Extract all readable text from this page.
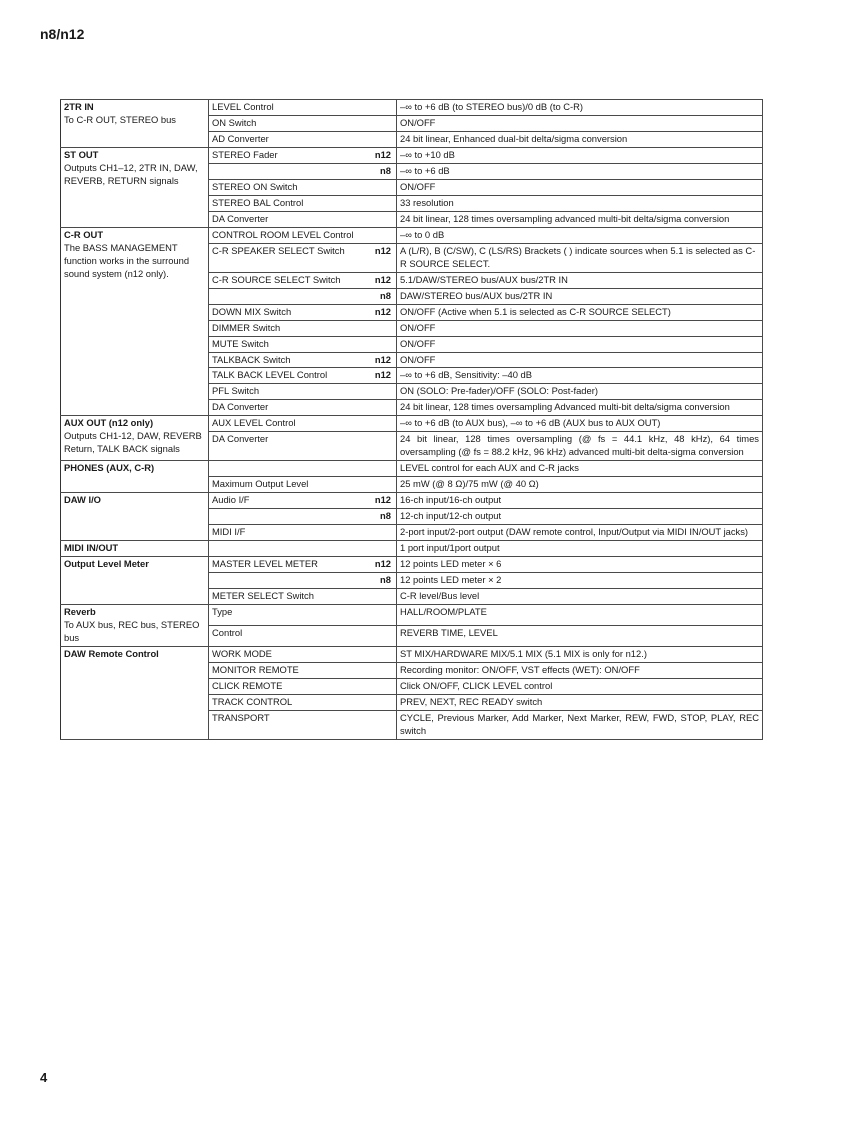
n8/n12
2TR IN
To C-R OUT, STEREO bus	LEVEL Control		–∞ to +6 dB (to STEREO bus)/0 dB (to C-R)
	ON Switch		ON/OFF
	AD Converter		24 bit linear, Enhanced dual-bit delta/sigma conversion

ST OUT
Outputs CH1–12, 2TR IN, DAW, REVERB, RETURN signals	STEREO Fader	n12	–∞ to +10 dB
		n8	–∞ to +6 dB
	STEREO ON Switch		ON/OFF
	STEREO BAL Control		33 resolution
	DA Converter		24 bit linear, 128 times oversampling advanced multi-bit delta/sigma conversion

C-R OUT
The BASS MANAGEMENT function works in the surround sound system (n12 only).	CONTROL ROOM LEVEL Control		–∞ to 0 dB
	C-R SPEAKER SELECT Switch	n12	A (L/R), B (C/SW), C (LS/RS) Brackets ( ) indicate sources when 5.1 is selected as C-R SOURCE SELECT.
	C-R SOURCE SELECT Switch	n12	5.1/DAW/STEREO bus/AUX bus/2TR IN
		n8	DAW/STEREO bus/AUX bus/2TR IN
	DOWN MIX Switch	n12	ON/OFF (Active when 5.1 is selected as C-R SOURCE SELECT)
	DIMMER Switch		ON/OFF
	MUTE Switch		ON/OFF
	TALKBACK Switch	n12	ON/OFF
	TALK BACK LEVEL Control	n12	–∞ to +6 dB, Sensitivity: –40 dB
	PFL Switch		ON (SOLO: Pre-fader)/OFF (SOLO: Post-fader)
	DA Converter		24 bit linear, 128 times oversampling Advanced multi-bit delta/sigma conversion

AUX OUT (n12 only)
Outputs CH1-12, DAW, REVERB Return, TALK BACK signals	AUX LEVEL Control		–∞ to +6 dB (to AUX bus), –∞ to +6 dB (AUX bus to AUX OUT)
	DA Converter		24 bit linear, 128 times oversampling (@ fs = 44.1 kHz, 48 kHz), 64 times oversampling (@ fs = 88.2 kHz, 96 kHz) advanced multi-bit delta-sigma conversion

PHONES (AUX, C-R)			LEVEL control for each AUX and C-R jacks
	Maximum Output Level		25 mW (@ 8 Ω)/75 mW (@ 40 Ω)

DAW I/O	Audio I/F	n12	16-ch input/16-ch output
		n8	12-ch input/12-ch output
	MIDI I/F		2-port input/2-port output (DAW remote control, Input/Output via MIDI IN/OUT jacks)

MIDI IN/OUT			1 port input/1port output

Output Level Meter	MASTER LEVEL METER	n12	12 points LED meter × 6
		n8	12 points LED meter × 2
	METER SELECT Switch		C-R level/Bus level

Reverb
To AUX bus, REC bus, STEREO bus	Type		HALL/ROOM/PLATE
	Control		REVERB TIME, LEVEL

DAW Remote Control	WORK MODE		ST MIX/HARDWARE MIX/5.1 MIX (5.1 MIX is only for n12.)
	MONITOR REMOTE		Recording monitor: ON/OFF, VST effects (WET): ON/OFF
	CLICK REMOTE		Click ON/OFF, CLICK LEVEL control
	TRACK CONTROL		PREV, NEXT, REC READY switch
	TRANSPORT		CYCLE, Previous Marker, Add Marker, Next Marker, REW, FWD, STOP, PLAY, REC switch
4
